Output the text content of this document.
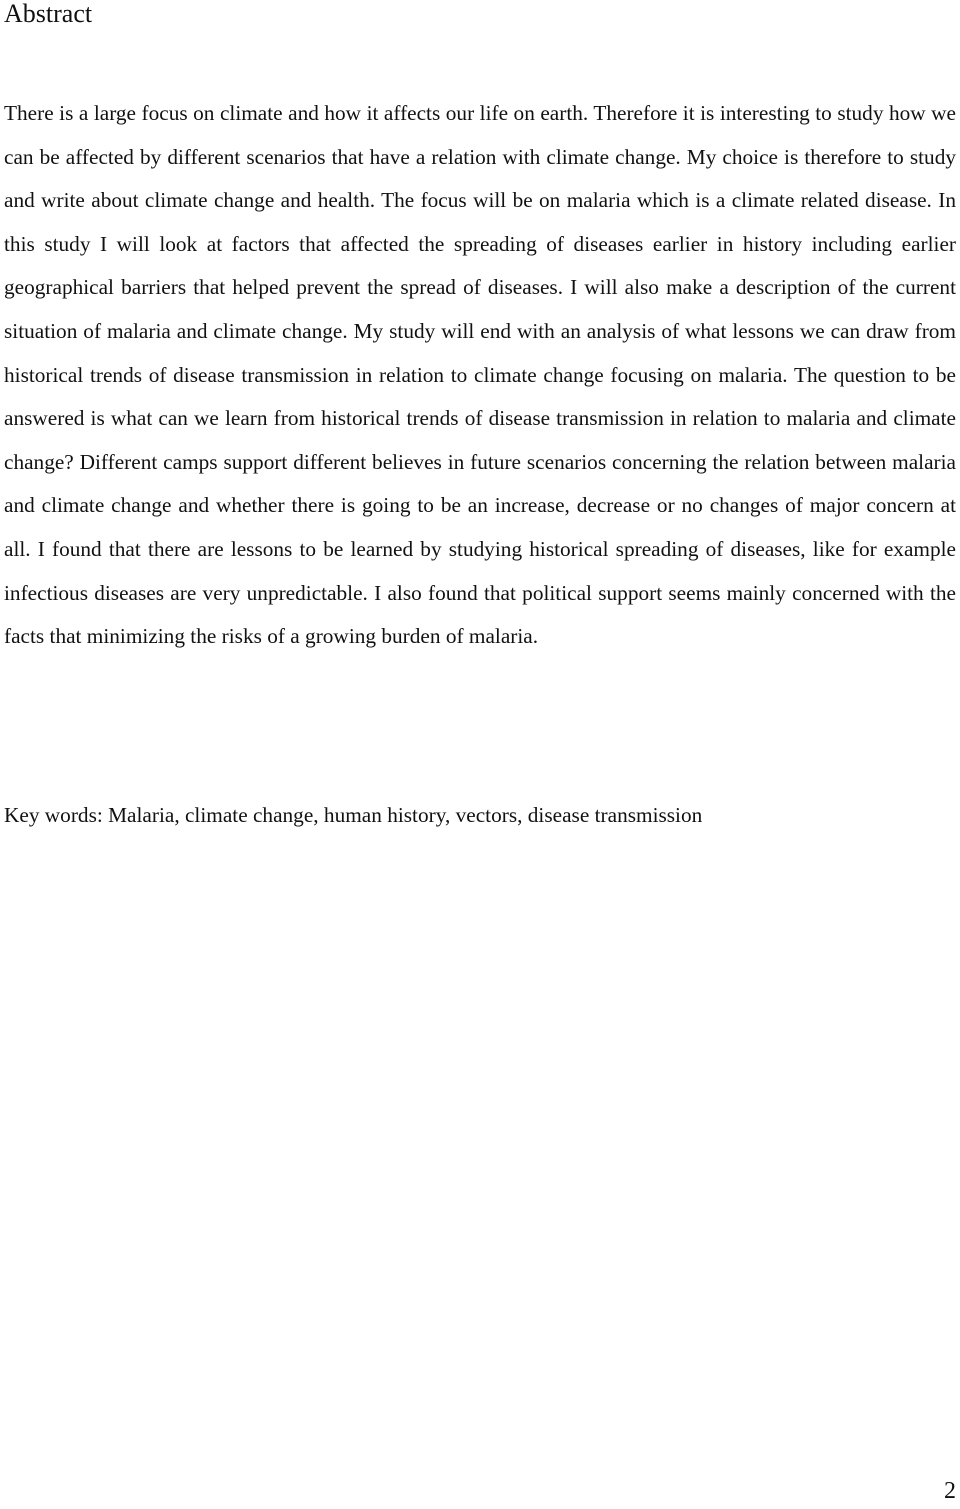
Abstract

There is a large focus on climate and how it affects our life on earth. Therefore it is interesting to study how we can be affected by different scenarios that have a relation with climate change. My choice is therefore to study and write about climate change and health. The focus will be on malaria which is a climate related disease. In this study I will look at factors that affected the spreading of diseases earlier in history including earlier geographical barriers that helped prevent the spread of diseases. I will also make a description of the current situation of malaria and climate change. My study will end with an analysis of what lessons we can draw from historical trends of disease transmission in relation to climate change focusing on malaria. The question to be answered is what can we learn from historical trends of disease transmission in relation to malaria and climate change? Different camps support different believes in future scenarios concerning the relation between malaria and climate change and whether there is going to be an increase, decrease or no changes of major concern at all. I found that there are lessons to be learned by studying historical spreading of diseases, like for example infectious diseases are very unpredictable. I also found that political support seems mainly concerned with the facts that minimizing the risks of a growing burden of malaria.

Key words: Malaria, climate change, human history, vectors, disease transmission

2
